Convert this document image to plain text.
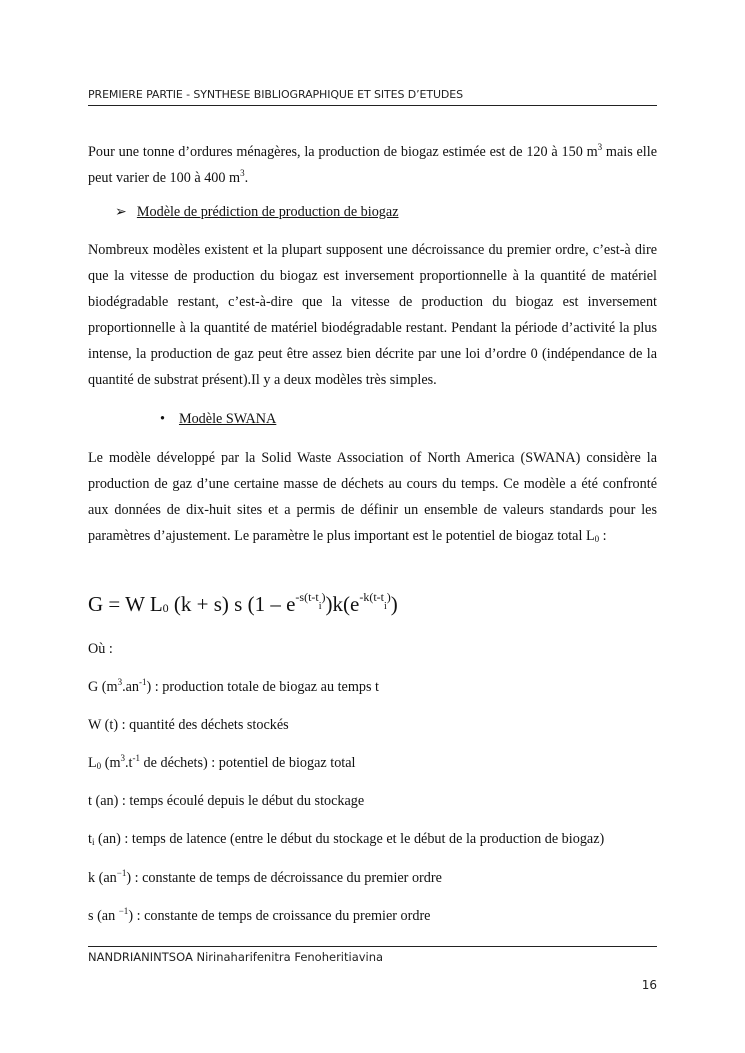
PREMIERE PARTIE - SYNTHESE BIBLIOGRAPHIQUE ET SITES D’ETUDES
Pour une tonne d’ordures ménagères, la production de biogaz estimée est de 120 à 150 $m^3$ mais elle peut varier de 100 à 400 $m^3$.
➢ Modèle de prédiction de production de biogaz
Nombreux modèles existent et la plupart supposent une décroissance du premier ordre, c’est-à dire que la vitesse de production du biogaz est inversement proportionnelle à la quantité de matériel biodégradable restant, c’est-à-dire que la vitesse de production du biogaz est inversement proportionnelle à la quantité de matériel biodégradable restant. Pendant la période d’activité la plus intense, la production de gaz peut être assez bien décrite par une loi d’ordre 0 (indépendance de la quantité de substrat présent).Il y a deux modèles très simples.
• Modèle SWANA
Le modèle développé par la Solid Waste Association of North America (SWANA) considère la production de gaz d’une certaine masse de déchets au cours du temps. Ce modèle a été confronté aux données de dix-huit sites et a permis de définir un ensemble de valeurs standards pour les paramètres d’ajustement. Le paramètre le plus important est le potentiel de biogaz total $L_0$ :
G = W $L_0$ (k + s) s $(1 - e^{-s(t-t_i)})k(e^{-k(t-t_i)})$
Où :
G $(m^3.an^{-1})$ : production totale de biogaz au temps t
W (t) : quantité des déchets stockés
$L_0$ ($m^3.t^{-1}$ de déchets) : potentiel de biogaz total
t (an) : temps écoulé depuis le début du stockage
$t_i$ (an) : temps de latence (entre le début du stockage et le début de la production de biogaz)
k $(an^{-1})$ : constante de temps de décroissance du premier ordre
s (an $^{-1}$) : constante de temps de croissance du premier ordre
NANDRIANINTSOA Nirinaharifenitra Fenoheritiavina
16
